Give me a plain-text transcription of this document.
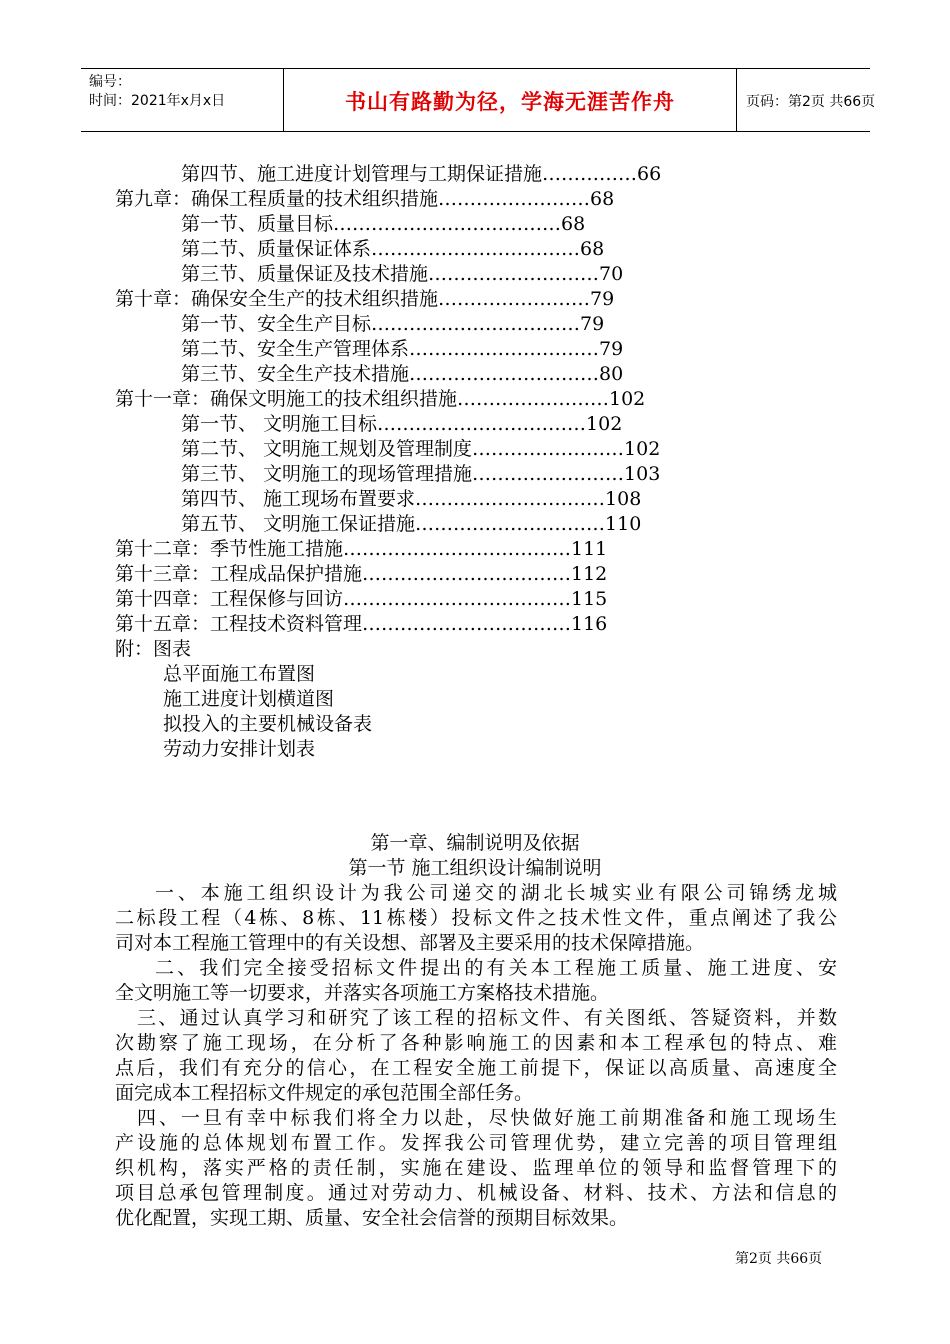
编号：
时间：2021年x月x日	书山有路勤为径，学海无涯苦作舟	页码：第2页 共66页
第四节、施工进度计划管理与工期保证措施……………66
第九章：确保工程质量的技术组织措施……………………68
第一节、质量目标………………………………68
第二节、质量保证体系……………………………68
第三节、质量保证及技术措施………………………70
第十章：确保安全生产的技术组织措施……………………79
第一节、安全生产目标……………………………79
第二节、安全生产管理体系…………………………79
第三节、安全生产技术措施…………………………80
第十一章：确保文明施工的技术组织措施……………………102
第一节、 文明施工目标……………………………102
第二节、 文明施工规划及管理制度……………………102
第三节、 文明施工的现场管理措施……………………103
第四节、 施工现场布置要求…………………………108
第五节、 文明施工保证措施…………………………110
第十二章：季节性施工措施………………………………111
第十三章：工程成品保护措施……………………………112
第十四章：工程保修与回访………………………………115
第十五章：工程技术资料管理……………………………116
附：图表
总平面施工布置图
施工进度计划横道图
拟投入的主要机械设备表
劳动力安排计划表
第一章、编制说明及依据
第一节 施工组织设计编制说明
一、本施工组织设计为我公司递交的湖北长城实业有限公司锦绣龙城
二标段工程（4栋、8栋、11栋楼）投标文件之技术性文件，重点阐述了我公
司对本工程施工管理中的有关设想、部署及主要采用的技术保障措施。
二、我们完全接受招标文件提出的有关本工程施工质量、施工进度、安
全文明施工等一切要求，并落实各项施工方案格技术措施。
三、通过认真学习和研究了该工程的招标文件、有关图纸、答疑资料，并数
次勘察了施工现场，在分析了各种影响施工的因素和本工程承包的特点、难
点后，我们有充分的信心，在工程安全施工前提下，保证以高质量、高速度全
面完成本工程招标文件规定的承包范围全部任务。
四、一旦有幸中标我们将全力以赴，尽快做好施工前期准备和施工现场生
产设施的总体规划布置工作。发挥我公司管理优势，建立完善的项目管理组
织机构，落实严格的责任制，实施在建设、监理单位的领导和监督管理下的
项目总承包管理制度。通过对劳动力、机械设备、材料、技术、方法和信息的
优化配置，实现工期、质量、安全社会信誉的预期目标效果。
第2页 共66页
